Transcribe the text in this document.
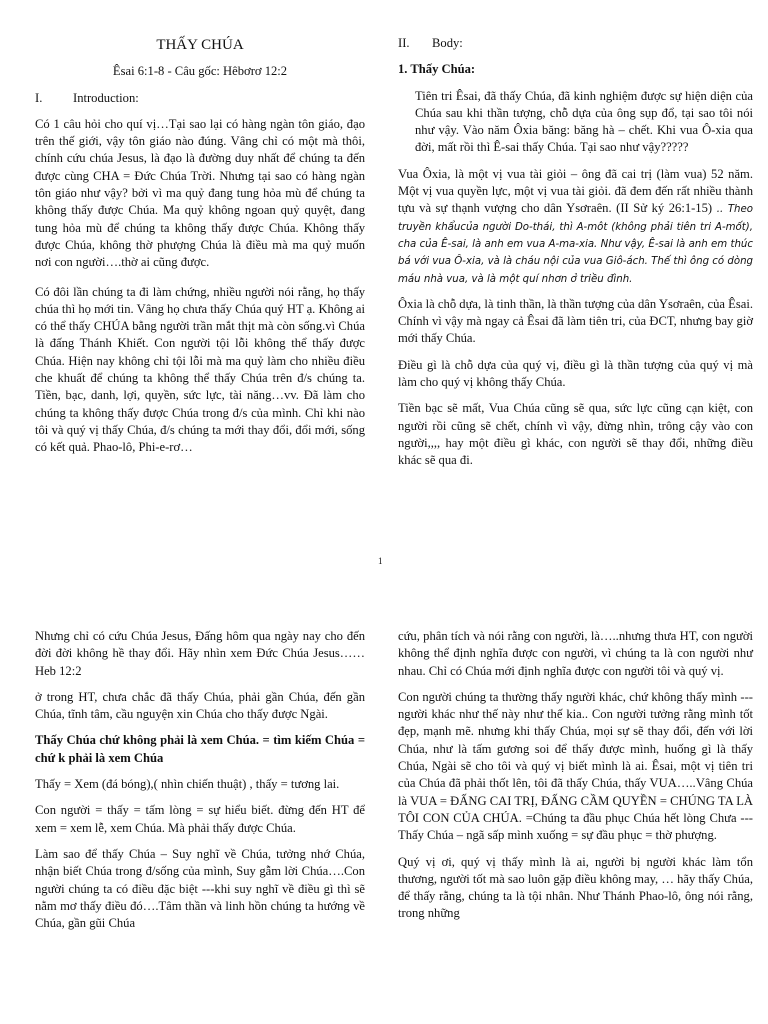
THẤY CHÚA

Êsai 6:1-8 - Câu gốc: Hêbơrơ 12:2

I. Introduction:

Có 1 câu hỏi cho quí vị…Tại sao lại có hàng ngàn tôn giáo, đạo trên thế giới, vậy tôn giáo nào đúng. Vâng chỉ có một mà thôi, chính cứu chúa Jesus, là đạo là đường duy nhất để chúng ta đến được cùng CHA = Đức Chúa Trời. Nhưng tại sao có hàng ngàn tôn giáo như vậy? bởi vì ma quỷ đang tung hỏa mù để chúng ta không thấy được Chúa. Ma quỷ không ngoan quỷ quyệt, đang tung hỏa mù để chúng ta không thấy được Chúa. Không thấy được Chúa, không thờ phượng Chúa là điều mà ma quỷ muốn nơi con người….thờ ai cũng được.

Có đôi lần chúng ta đi làm chứng, nhiều người nói rằng, họ thấy chúa thì họ mới tin. Vâng họ chưa thấy Chúa quý HT ạ. Không ai có thể thấy CHÚA bằng người trần mắt thịt mà còn sống.vì Chúa là đấng Thánh Khiết. Con người tội lỗi không thể thấy được Chúa. Hiện nay không chỉ tội lỗi mà ma quỷ làm cho nhiều điều che khuất để chúng ta không thể thấy Chúa trên đ/s chúng ta. Tiền, bạc, danh, lợi, quyền, sức lực, tài năng…vv. Đã làm cho chúng ta không thấy được Chúa trong đ/s của mình. Chỉ khi nào tôi và quý vị thấy Chúa, đ/s chúng ta mới thay đổi, đổi mới, sống có kết quả. Phao-lô, Phi-e-rơ…

II. Body:

1. Thấy Chúa:

Tiên tri Êsai, đã thấy Chúa, đã kinh nghiệm được sự hiện diện của Chúa sau khi thần tượng, chỗ dựa của ông sụp đổ, tại sao tôi nói như vậy. Vào năm Ôxia băng: băng hà – chết. Khi vua Ô-xia qua đời, mất rồi thì Ê-sai thấy Chúa. Tại sao như vậy?????

Vua Ôxia, là một vị vua tài giỏi – ông đã cai trị (làm vua) 52 năm. Một vị vua quyền lực, một vị vua tài giỏi. đã đem đến rất nhiều thành tựu và sự thạnh vượng cho dân Ysơraên. (II Sử ký 26:1-15) .. Theo truyền khẩucủa người Do-thái, thì A-môt (không phải tiên tri A-mốt), cha của Ê-sai, là anh em vua A-ma-xia. Như vậy, Ê-sai là anh em thúc bá với vua Ô-xia, và là cháu nội của vua Giô-ách. Thế thì ông có dòng máu nhà vua, và là một quí nhơn ở triều đình.

Ôxia là chỗ dựa, là tinh thần, là thần tượng của dân Ysơraên, của Êsai. Chính vì vậy mà ngay cả Êsai đã làm tiên tri, của ĐCT, nhưng bay giờ mới thấy Chúa.

Điều gì là chỗ dựa của quý vị, điều gì là thần tượng của quý vị mà làm cho quý vị không thấy Chúa.

Tiền bạc sẽ mất, Vua Chúa cũng sẽ qua, sức lực cũng cạn kiệt, con người rồi cũng sẽ chết, chính vì vậy, đừng nhìn, trông cậy vào con người,,,, hay một điều gì khác, con người sẽ thay đổi, những điều khác sẽ qua đi.

1

Nhưng chỉ có cứu Chúa Jesus, Đấng hôm qua ngày nay cho đến đời đời không hề thay đổi. Hãy nhìn xem Đức Chúa Jesus……Heb 12:2

ở trong HT, chưa chắc đã thấy Chúa, phải gần Chúa, đến gần Chúa, tĩnh tâm, cầu nguyện xin Chúa cho thấy được Ngài.

Thấy Chúa chứ không phải là xem Chúa. = tìm kiếm Chúa = chứ k phải là xem Chúa

Thấy = Xem (đá bóng),( nhìn chiến thuật) , thấy = tương lai.

Con người = thấy = tấm lòng = sự hiểu biết. đừng đến HT để xem = xem lễ, xem Chúa. Mà phải thấy được Chúa.

Làm sao để thấy Chúa – Suy nghĩ về Chúa, tưởng nhớ Chúa, nhận biết Chúa trong đ/sống của mình, Suy gẫm lời Chúa….Con người chúng ta có điều đặc biệt ---khi suy nghĩ về điều gì thì sẽ nằm mơ thấy điều đó….Tâm thần và linh hồn chúng ta hướng về Chúa, gần gũi Chúa

cứu, phân tích và nói rằng con người, là…..nhưng thưa HT, con người không thể định nghĩa được con người, vì chúng ta là con người như nhau. Chỉ có Chúa mới định nghĩa được con người tôi và quý vị.

Con người chúng ta thường thấy người khác, chứ không thấy mình --- người khác như thế này như thế kia.. Con người tưởng rằng mình tốt đẹp, mạnh mẽ. nhưng khi thấy Chúa, mọi sự sẽ thay đổi, đến với lời Chúa, như là tấm gương soi để thấy được mình, huống gì là thấy Chúa, Ngài sẽ cho tôi và quý vị biết mình là ai. Êsai, một vị tiên tri của Chúa đã phải thốt lên, tôi đã thấy Chúa, thấy VUA…..Vâng Chúa là VUA = ĐẤNG CAI TRỊ, ĐẤNG CẦM QUYỀN = CHÚNG TA LÀ TÔI CON CỦA CHÚA. =Chúng ta đầu phục Chúa hết lòng Chưa --- Thấy Chúa – ngã sấp mình xuống = sự đầu phục = thờ phượng.

Quý vị ơi, quý vị thấy mình là ai, người bị người khác làm tổn thương, người tốt mà sao luôn gặp điều không may, … hãy thấy Chúa, để thấy rằng, chúng ta là tội nhân. Như Thánh Phao-lô, ông nói rằng, trong những
